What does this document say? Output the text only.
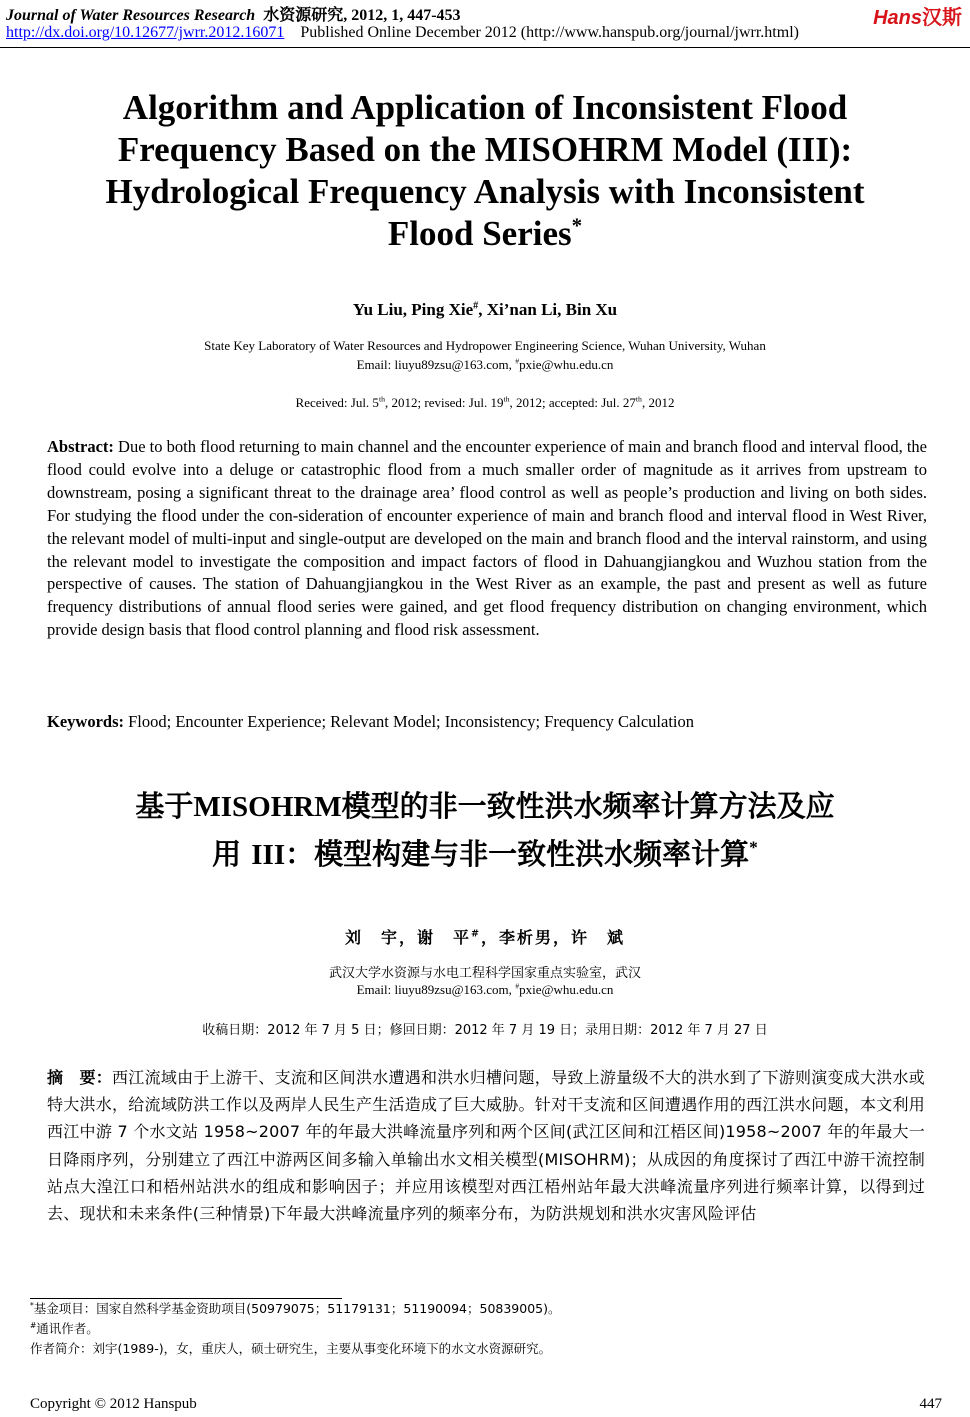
Journal of Water Resources Research 水资源研究, 2012, 1, 447-453
http://dx.doi.org/10.12677/jwrr.2012.16071 Published Online December 2012 (http://www.hanspub.org/journal/jwrr.html)
Hans汉斯
Algorithm and Application of Inconsistent Flood
Frequency Based on the MISOHRM Model (III):
Hydrological Frequency Analysis with Inconsistent
Flood Series*
Yu Liu, Ping Xie#, Xi’nan Li, Bin Xu
State Key Laboratory of Water Resources and Hydropower Engineering Science, Wuhan University, Wuhan
Email: liuyu89zsu@163.com, #pxie@whu.edu.cn
Received: Jul. 5th, 2012; revised: Jul. 19th, 2012; accepted: Jul. 27th, 2012
Abstract: Due to both flood returning to main channel and the encounter experience of main and branch flood and interval flood, the flood could evolve into a deluge or catastrophic flood from a much smaller order of magnitude as it arrives from upstream to downstream, posing a significant threat to the drainage area’ flood control as well as people’s production and living on both sides. For studying the flood under the con-sideration of encounter experience of main and branch flood and interval flood in West River, the relevant model of multi-input and single-output are developed on the main and branch flood and the interval rainstorm, and using the relevant model to investigate the composition and impact factors of flood in Dahuangjiangkou and Wuzhou station from the perspective of causes. The station of Dahuangjiangkou in the West River as an example, the past and present as well as future frequency distributions of annual flood series were gained, and get flood frequency distribution on changing environment, which provide design basis that flood control planning and flood risk assessment.
Keywords: Flood; Encounter Experience; Relevant Model; Inconsistency; Frequency Calculation
基于MISOHRM模型的非一致性洪水频率计算方法及应
用 III：模型构建与非一致性洪水频率计算*
刘　宇，谢　平#，李析男，许　斌
武汉大学水资源与水电工程科学国家重点实验室，武汉
Email: liuyu89zsu@163.com, #pxie@whu.edu.cn
收稿日期：2012 年 7 月 5 日；修回日期：2012 年 7 月 19 日；录用日期：2012 年 7 月 27 日
摘　要：西江流域由于上游干、支流和区间洪水遭遇和洪水归槽问题，导致上游量级不大的洪水到了下游则演变成大洪水或特大洪水，给流域防洪工作以及两岸人民生产生活造成了巨大威胁。针对干支流和区间遭遇作用的西江洪水问题，本文利用西江中游 7 个水文站 1958~2007 年的年最大洪峰流量序列和两个区间(武江区间和江梧区间)1958~2007 年的年最大一日降雨序列，分别建立了西江中游两区间多输入单输出水文相关模型(MISOHRM)；从成因的角度探讨了西江中游干流控制站点大湟江口和梧州站洪水的组成和影响因子；并应用该模型对西江梧州站年最大洪峰流量序列进行频率计算，以得到过去、现状和未来条件(三种情景)下年最大洪峰流量序列的频率分布，为防洪规划和洪水灾害风险评估
*基金项目：国家自然科学基金资助项目(50979075；51179131；51190094；50839005)。
#通讯作者。
作者简介：刘宇(1989-)，女，重庆人，硕士研究生，主要从事变化环境下的水文水资源研究。
Copyright © 2012 Hanspub	447
